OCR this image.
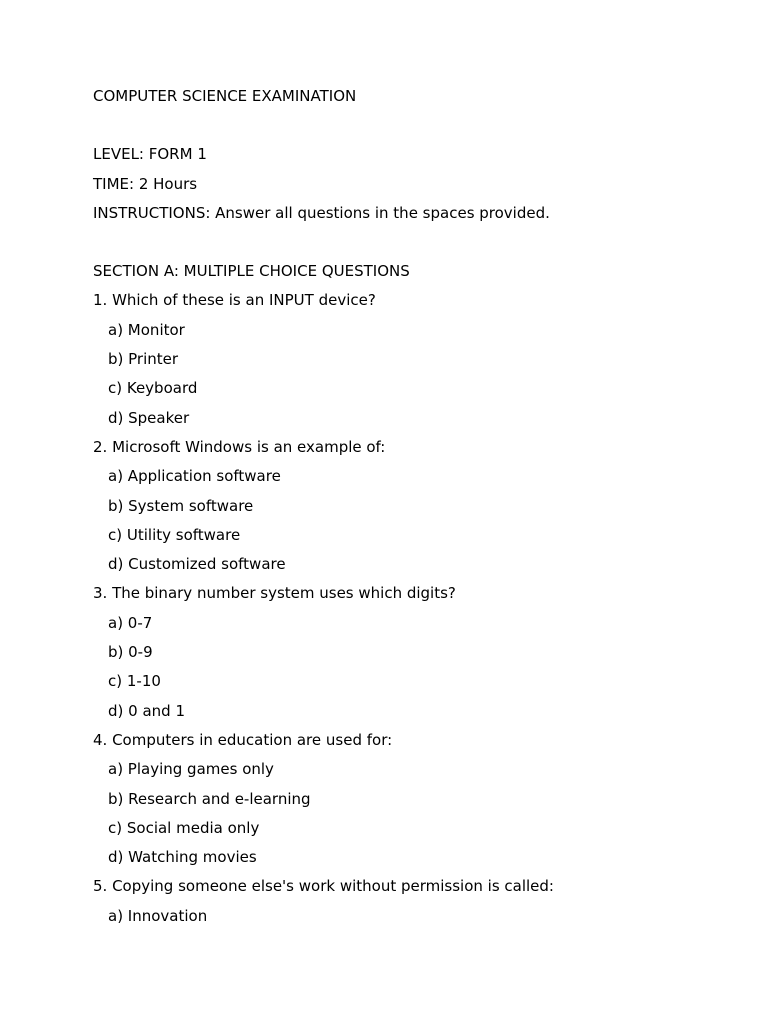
COMPUTER SCIENCE EXAMINATION
LEVEL: FORM 1
TIME: 2 Hours
INSTRUCTIONS: Answer all questions in the spaces provided.
SECTION A: MULTIPLE CHOICE QUESTIONS
1. Which of these is an INPUT device?
a) Monitor
b) Printer
c) Keyboard
d) Speaker
2. Microsoft Windows is an example of:
a) Application software
b) System software
c) Utility software
d) Customized software
3. The binary number system uses which digits?
a) 0-7
b) 0-9
c) 1-10
d) 0 and 1
4. Computers in education are used for:
a) Playing games only
b) Research and e-learning
c) Social media only
d) Watching movies
5. Copying someone else's work without permission is called:
a) Innovation
